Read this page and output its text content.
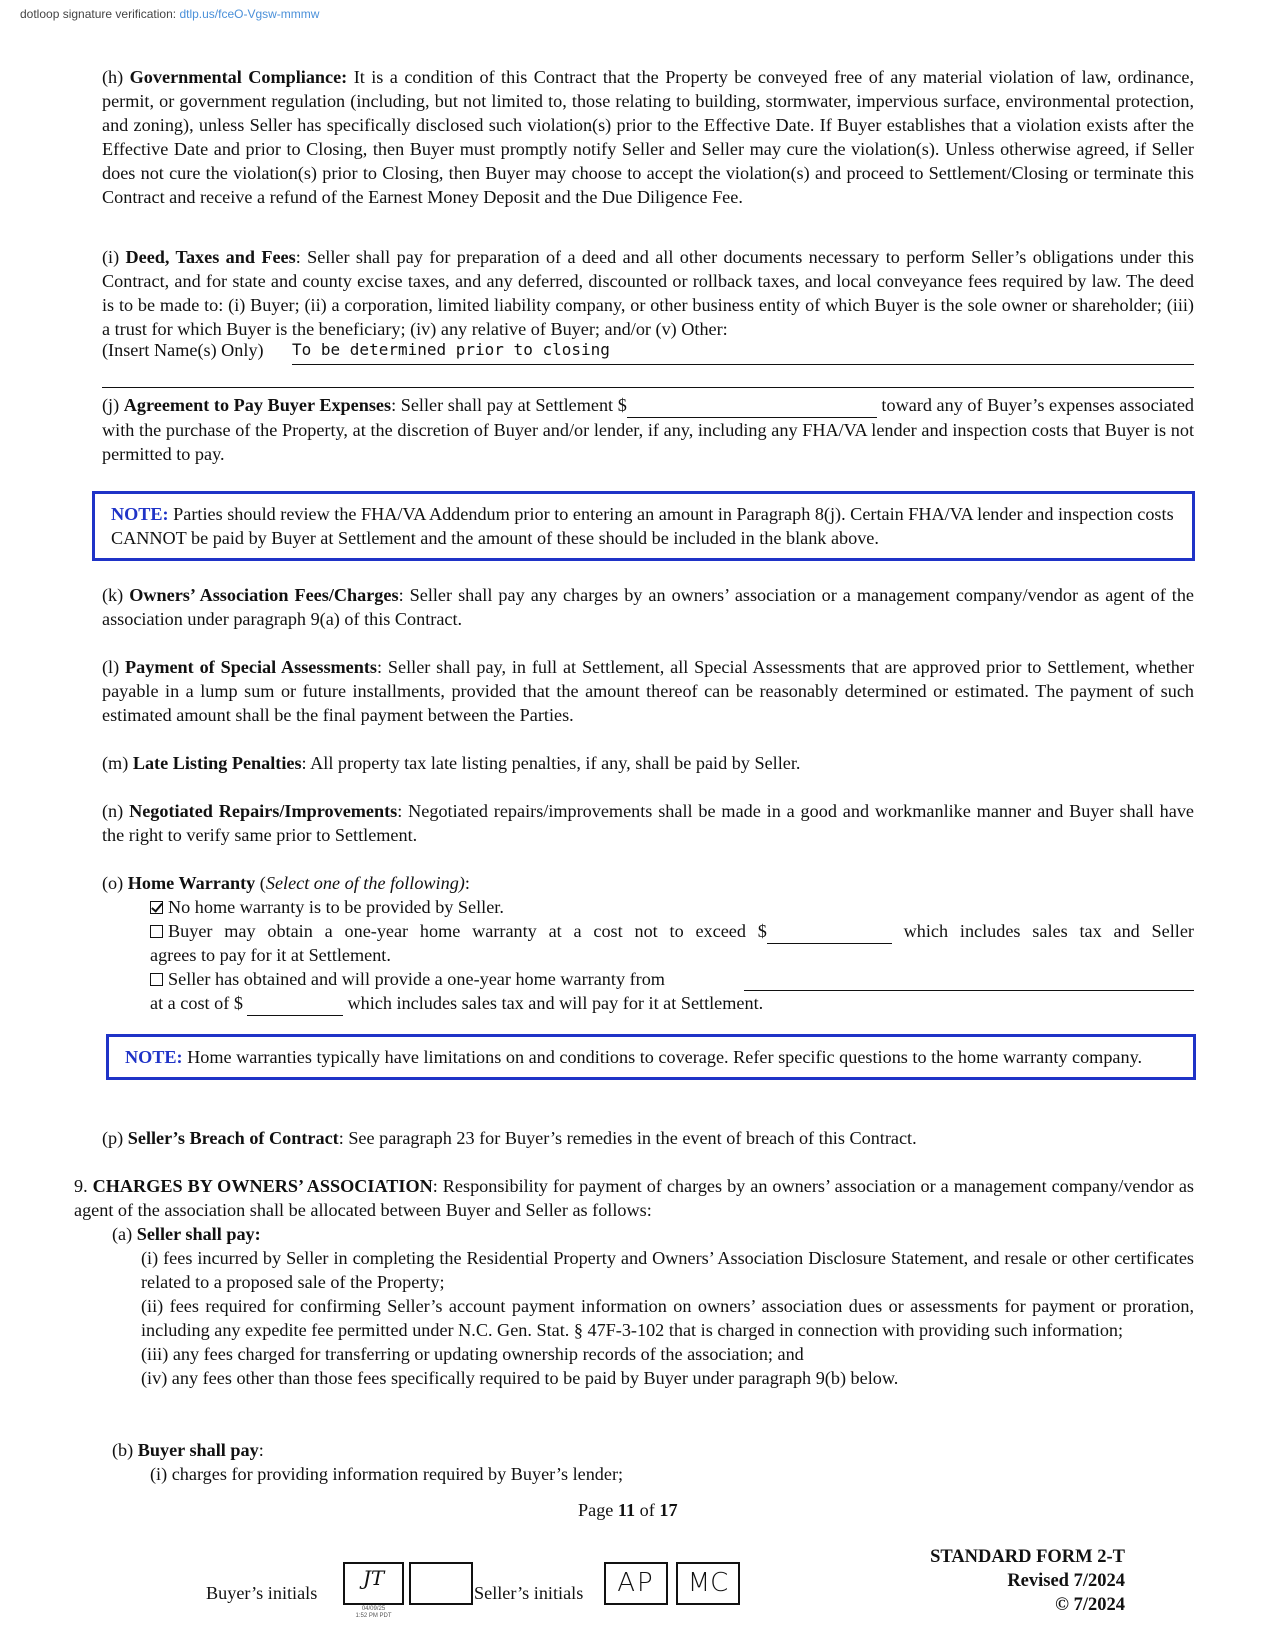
dotloop signature verification: dtlp.us/fceO-Vgsw-mmmw
(h) Governmental Compliance: It is a condition of this Contract that the Property be conveyed free of any material violation of law, ordinance, permit, or government regulation (including, but not limited to, those relating to building, stormwater, impervious surface, environmental protection, and zoning), unless Seller has specifically disclosed such violation(s) prior to the Effective Date. If Buyer establishes that a violation exists after the Effective Date and prior to Closing, then Buyer must promptly notify Seller and Seller may cure the violation(s). Unless otherwise agreed, if Seller does not cure the violation(s) prior to Closing, then Buyer may choose to accept the violation(s) and proceed to Settlement/Closing or terminate this Contract and receive a refund of the Earnest Money Deposit and the Due Diligence Fee.
(i) Deed, Taxes and Fees: Seller shall pay for preparation of a deed and all other documents necessary to perform Seller’s obligations under this Contract, and for state and county excise taxes, and any deferred, discounted or rollback taxes, and local conveyance fees required by law. The deed is to be made to: (i) Buyer; (ii) a corporation, limited liability company, or other business entity of which Buyer is the sole owner or shareholder; (iii) a trust for which Buyer is the beneficiary; (iv) any relative of Buyer; and/or (v) Other:
(Insert Name(s) Only)	To be determined prior to closing
(j) Agreement to Pay Buyer Expenses: Seller shall pay at Settlement $	toward any of Buyer’s expenses associated with the purchase of the Property, at the discretion of Buyer and/or lender, if any, including any FHA/VA lender and inspection costs that Buyer is not permitted to pay.
NOTE: Parties should review the FHA/VA Addendum prior to entering an amount in Paragraph 8(j). Certain FHA/VA lender and inspection costs CANNOT be paid by Buyer at Settlement and the amount of these should be included in the blank above.
(k) Owners’ Association Fees/Charges: Seller shall pay any charges by an owners’ association or a management company/vendor as agent of the association under paragraph 9(a) of this Contract.
(l) Payment of Special Assessments: Seller shall pay, in full at Settlement, all Special Assessments that are approved prior to Settlement, whether payable in a lump sum or future installments, provided that the amount thereof can be reasonably determined or estimated. The payment of such estimated amount shall be the final payment between the Parties.
(m) Late Listing Penalties: All property tax late listing penalties, if any, shall be paid by Seller.
(n) Negotiated Repairs/Improvements: Negotiated repairs/improvements shall be made in a good and workmanlike manner and Buyer shall have the right to verify same prior to Settlement.
(o) Home Warranty (Select one of the following):
No home warranty is to be provided by Seller.
Buyer may obtain a one-year home warranty at a cost not to exceed $	which includes sales tax and Seller
agrees to pay for it at Settlement.
Seller has obtained and will provide a one-year home warranty from
at a cost of $	which includes sales tax and will pay for it at Settlement.
NOTE: Home warranties typically have limitations on and conditions to coverage. Refer specific questions to the home warranty company.
(p) Seller’s Breach of Contract: See paragraph 23 for Buyer’s remedies in the event of breach of this Contract.
9. CHARGES BY OWNERS’ ASSOCIATION: Responsibility for payment of charges by an owners’ association or a management company/vendor as agent of the association shall be allocated between Buyer and Seller as follows:
(a) Seller shall pay:
(i) fees incurred by Seller in completing the Residential Property and Owners’ Association Disclosure Statement, and resale or other certificates related to a proposed sale of the Property;
(ii) fees required for confirming Seller’s account payment information on owners’ association dues or assessments for payment or proration, including any expedite fee permitted under N.C. Gen. Stat. § 47F-3-102 that is charged in connection with providing such information;
(iii) any fees charged for transferring or updating ownership records of the association; and
(iv) any fees other than those fees specifically required to be paid by Buyer under paragraph 9(b) below.
(b) Buyer shall pay:
(i) charges for providing information required by Buyer’s lender;
Page 11 of 17
Buyer’s initials
JT
04/09/25
1:52 PM PDT
Seller’s initials	AP	MC
STANDARD FORM 2-T
Revised 7/2024
© 7/2024
